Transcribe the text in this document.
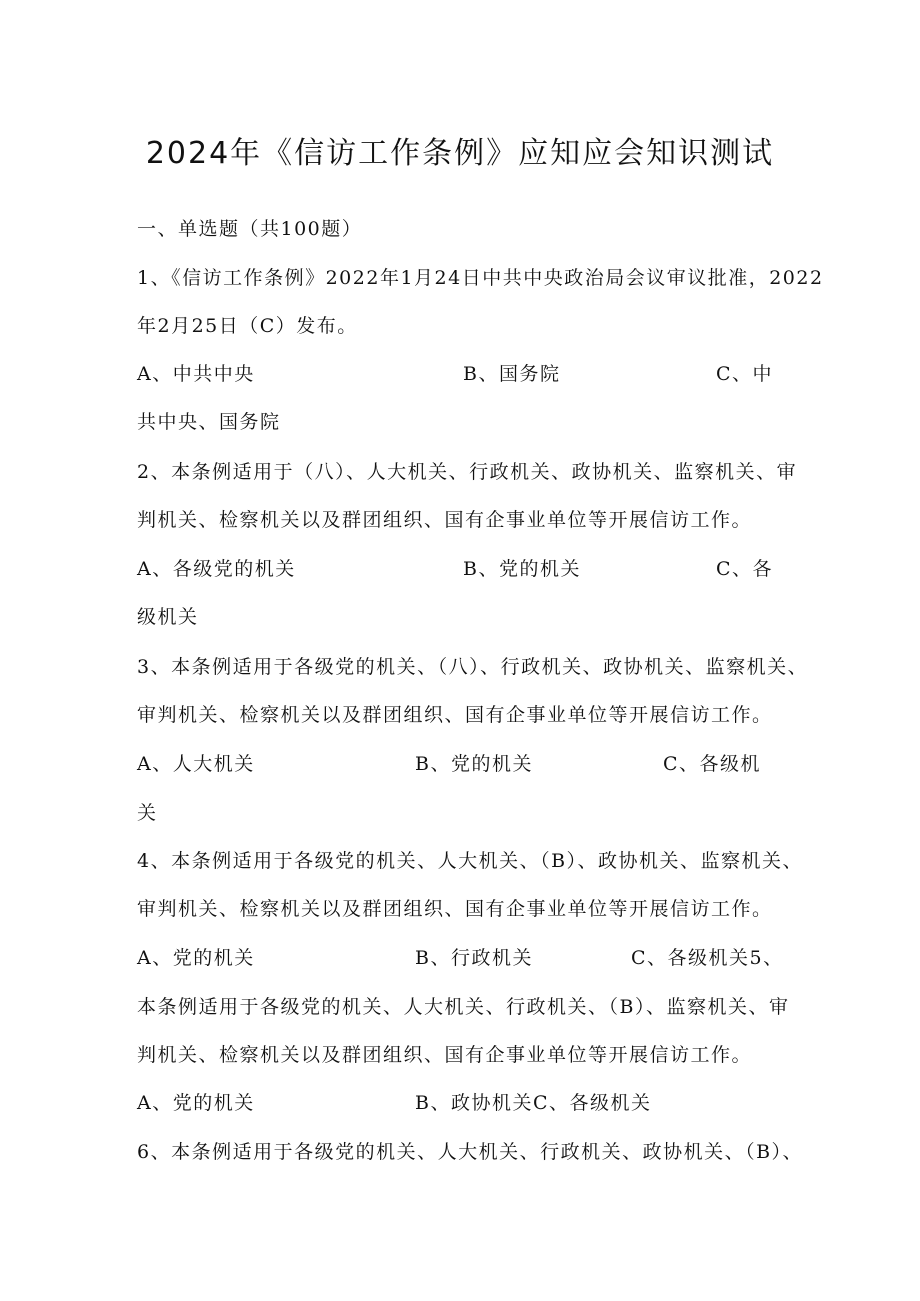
2024年《信访工作条例》应知应会知识测试
一、单选题（共100题）
1、《信访工作条例》2022年1月24日中共中央政治局会议审议批准，2022
年2月25日（C）发布。
A、中共中央	B、国务院	C、中
共中央、国务院
2、本条例适用于（八）、人大机关、行政机关、政协机关、监察机关、审
判机关、检察机关以及群团组织、国有企事业单位等开展信访工作。
A、各级党的机关	B、党的机关	C、各
级机关
3、本条例适用于各级党的机关、（八）、行政机关、政协机关、监察机关、
审判机关、检察机关以及群团组织、国有企事业单位等开展信访工作。
A、人大机关	B、党的机关	C、各级机
关
4、本条例适用于各级党的机关、人大机关、（B）、政协机关、监察机关、
审判机关、检察机关以及群团组织、国有企事业单位等开展信访工作。
A、党的机关	B、行政机关	C、各级机关5、
本条例适用于各级党的机关、人大机关、行政机关、（B）、监察机关、审
判机关、检察机关以及群团组织、国有企事业单位等开展信访工作。
A、党的机关	B、政协机关C、各级机关
6、本条例适用于各级党的机关、人大机关、行政机关、政协机关、（B）、
